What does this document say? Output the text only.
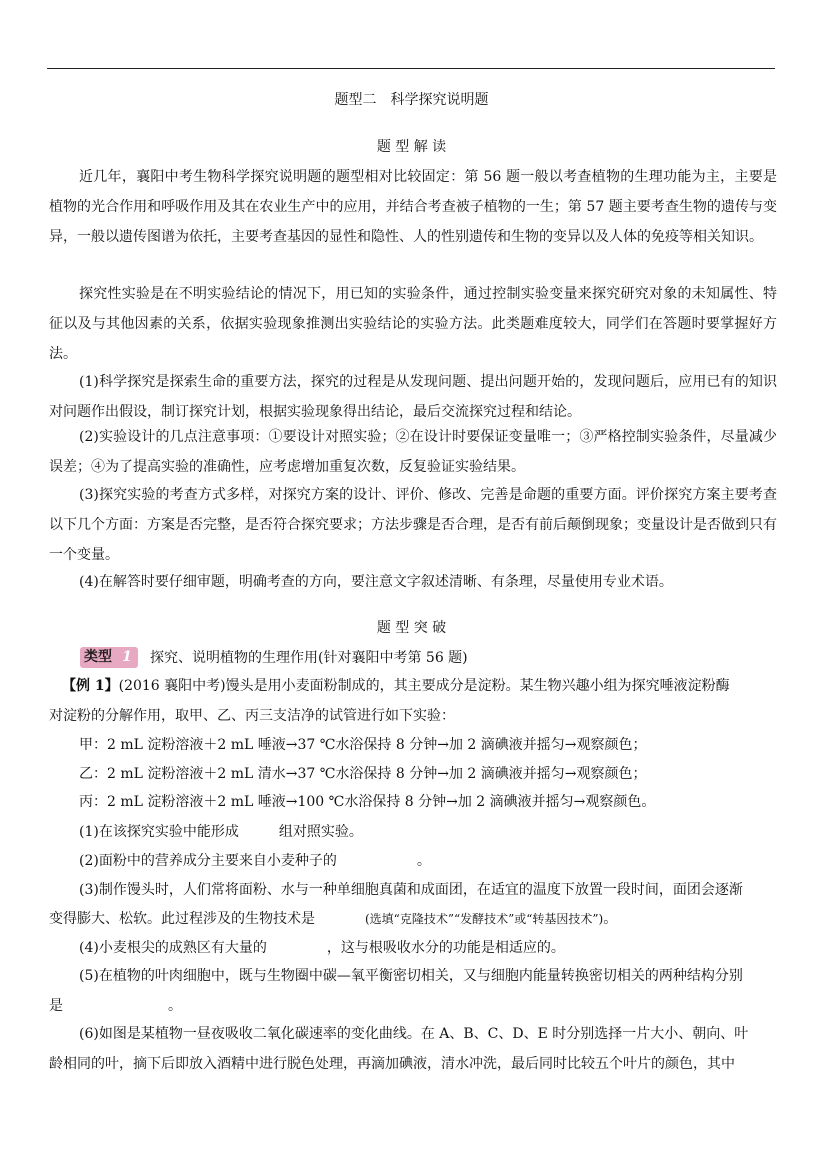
题型二　科学探究说明题
题 型 解 读
近几年，襄阳中考生物科学探究说明题的题型相对比较固定：第 56 题一般以考查植物的生理功能为主，主要是植物的光合作用和呼吸作用及其在农业生产中的应用，并结合考查被子植物的一生；第 57 题主要考查生物的遗传与变异，一般以遗传图谱为依托，主要考查基因的显性和隐性、人的性别遗传和生物的变异以及人体的免疫等相关知识。
探究性实验是在不明实验结论的情况下，用已知的实验条件，通过控制实验变量来探究研究对象的未知属性、特征以及与其他因素的关系，依据实验现象推测出实验结论的实验方法。此类题难度较大，同学们在答题时要掌握好方法。
(1)科学探究是探索生命的重要方法，探究的过程是从发现问题、提出问题开始的，发现问题后，应用已有的知识对问题作出假设，制订探究计划，根据实验现象得出结论，最后交流探究过程和结论。
(2)实验设计的几点注意事项：①要设计对照实验；②在设计时要保证变量唯一；③严格控制实验条件，尽量减少误差；④为了提高实验的准确性，应考虑增加重复次数，反复验证实验结果。
(3)探究实验的考查方式多样，对探究方案的设计、评价、修改、完善是命题的重要方面。评价探究方案主要考查以下几个方面：方案是否完整，是否符合探究要求；方法步骤是否合理，是否有前后颠倒现象；变量设计是否做到只有一个变量。
(4)在解答时要仔细审题，明确考查的方向，要注意文字叙述清晰、有条理，尽量使用专业术语。
题 型 突 破
类型 1 探究、说明植物的生理作用(针对襄阳中考第 56 题)
【例 1】(2016 襄阳中考)馒头是用小麦面粉制成的，其主要成分是淀粉。某生物兴趣小组为探究唾液淀粉酶
对淀粉的分解作用，取甲、乙、丙三支洁净的试管进行如下实验：
甲：2 mL 淀粉溶液＋2 mL 唾液→37 ℃水浴保持 8 分钟→加 2 滴碘液并摇匀→观察颜色；
乙：2 mL 淀粉溶液＋2 mL 清水→37 ℃水浴保持 8 分钟→加 2 滴碘液并摇匀→观察颜色；
丙：2 mL 淀粉溶液＋2 mL 唾液→100 ℃水浴保持 8 分钟→加 2 滴碘液并摇匀→观察颜色。
(1)在该探究实验中能形成	组对照实验。
(2)面粉中的营养成分主要来自小麦种子的	。
(3)制作馒头时，人们常将面粉、水与一种单细胞真菌和成面团，在适宜的温度下放置一段时间，面团会逐渐
变得膨大、松软。此过程涉及的生物技术是	(选填“克隆技术”“发酵技术”或“转基因技术”)。
(4)小麦根尖的成熟区有大量的	，这与根吸收水分的功能是相适应的。
(5)在植物的叶肉细胞中，既与生物圈中碳—氧平衡密切相关，又与细胞内能量转换密切相关的两种结构分别
是	。
(6)如图是某植物一昼夜吸收二氧化碳速率的变化曲线。在 A、B、C、D、E 时分别选择一片大小、朝向、叶
龄相同的叶，摘下后即放入酒精中进行脱色处理，再滴加碘液，清水冲洗，最后同时比较五个叶片的颜色，其中
